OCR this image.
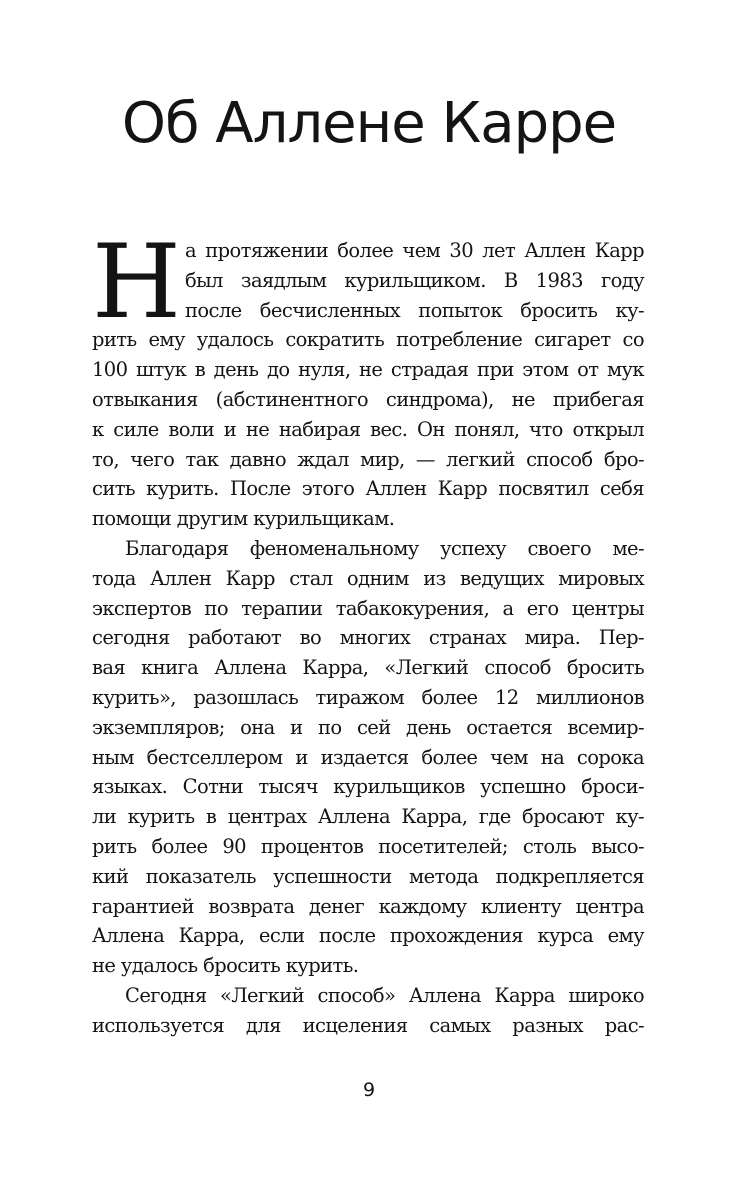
Об Аллене Карре
Н а протяжении более чем 30 лет Аллен Карр
был заядлым курильщиком. В 1983 году
после бесчисленных попыток бросить ку-
рить ему удалось сократить потребление сигарет со
100 штук в день до нуля, не страдая при этом от мук
отвыкания (абстинентного синдрома), не прибегая
к силе воли и не набирая вес. Он понял, что открыл
то, чего так давно ждал мир, — легкий способ бро-
сить курить. После этого Аллен Карр посвятил себя
помощи другим курильщикам.
Благодаря феноменальному успеху своего ме-
тода Аллен Карр стал одним из ведущих мировых
экспертов по терапии табакокурения, а его центры
сегодня работают во многих странах мира. Пер-
вая книга Аллена Карра, «Легкий способ бросить
курить», разошлась тиражом более 12 миллионов
экземпляров; она и по сей день остается всемир-
ным бестселлером и издается более чем на сорока
языках. Сотни тысяч курильщиков успешно броси-
ли курить в центрах Аллена Карра, где бросают ку-
рить более 90 процентов посетителей; столь высо-
кий показатель успешности метода подкрепляется
гарантией возврата денег каждому клиенту центра
Аллена Карра, если после прохождения курса ему
не удалось бросить курить.
Сегодня «Легкий способ» Аллена Карра широко
используется для исцеления самых разных рас-
9
